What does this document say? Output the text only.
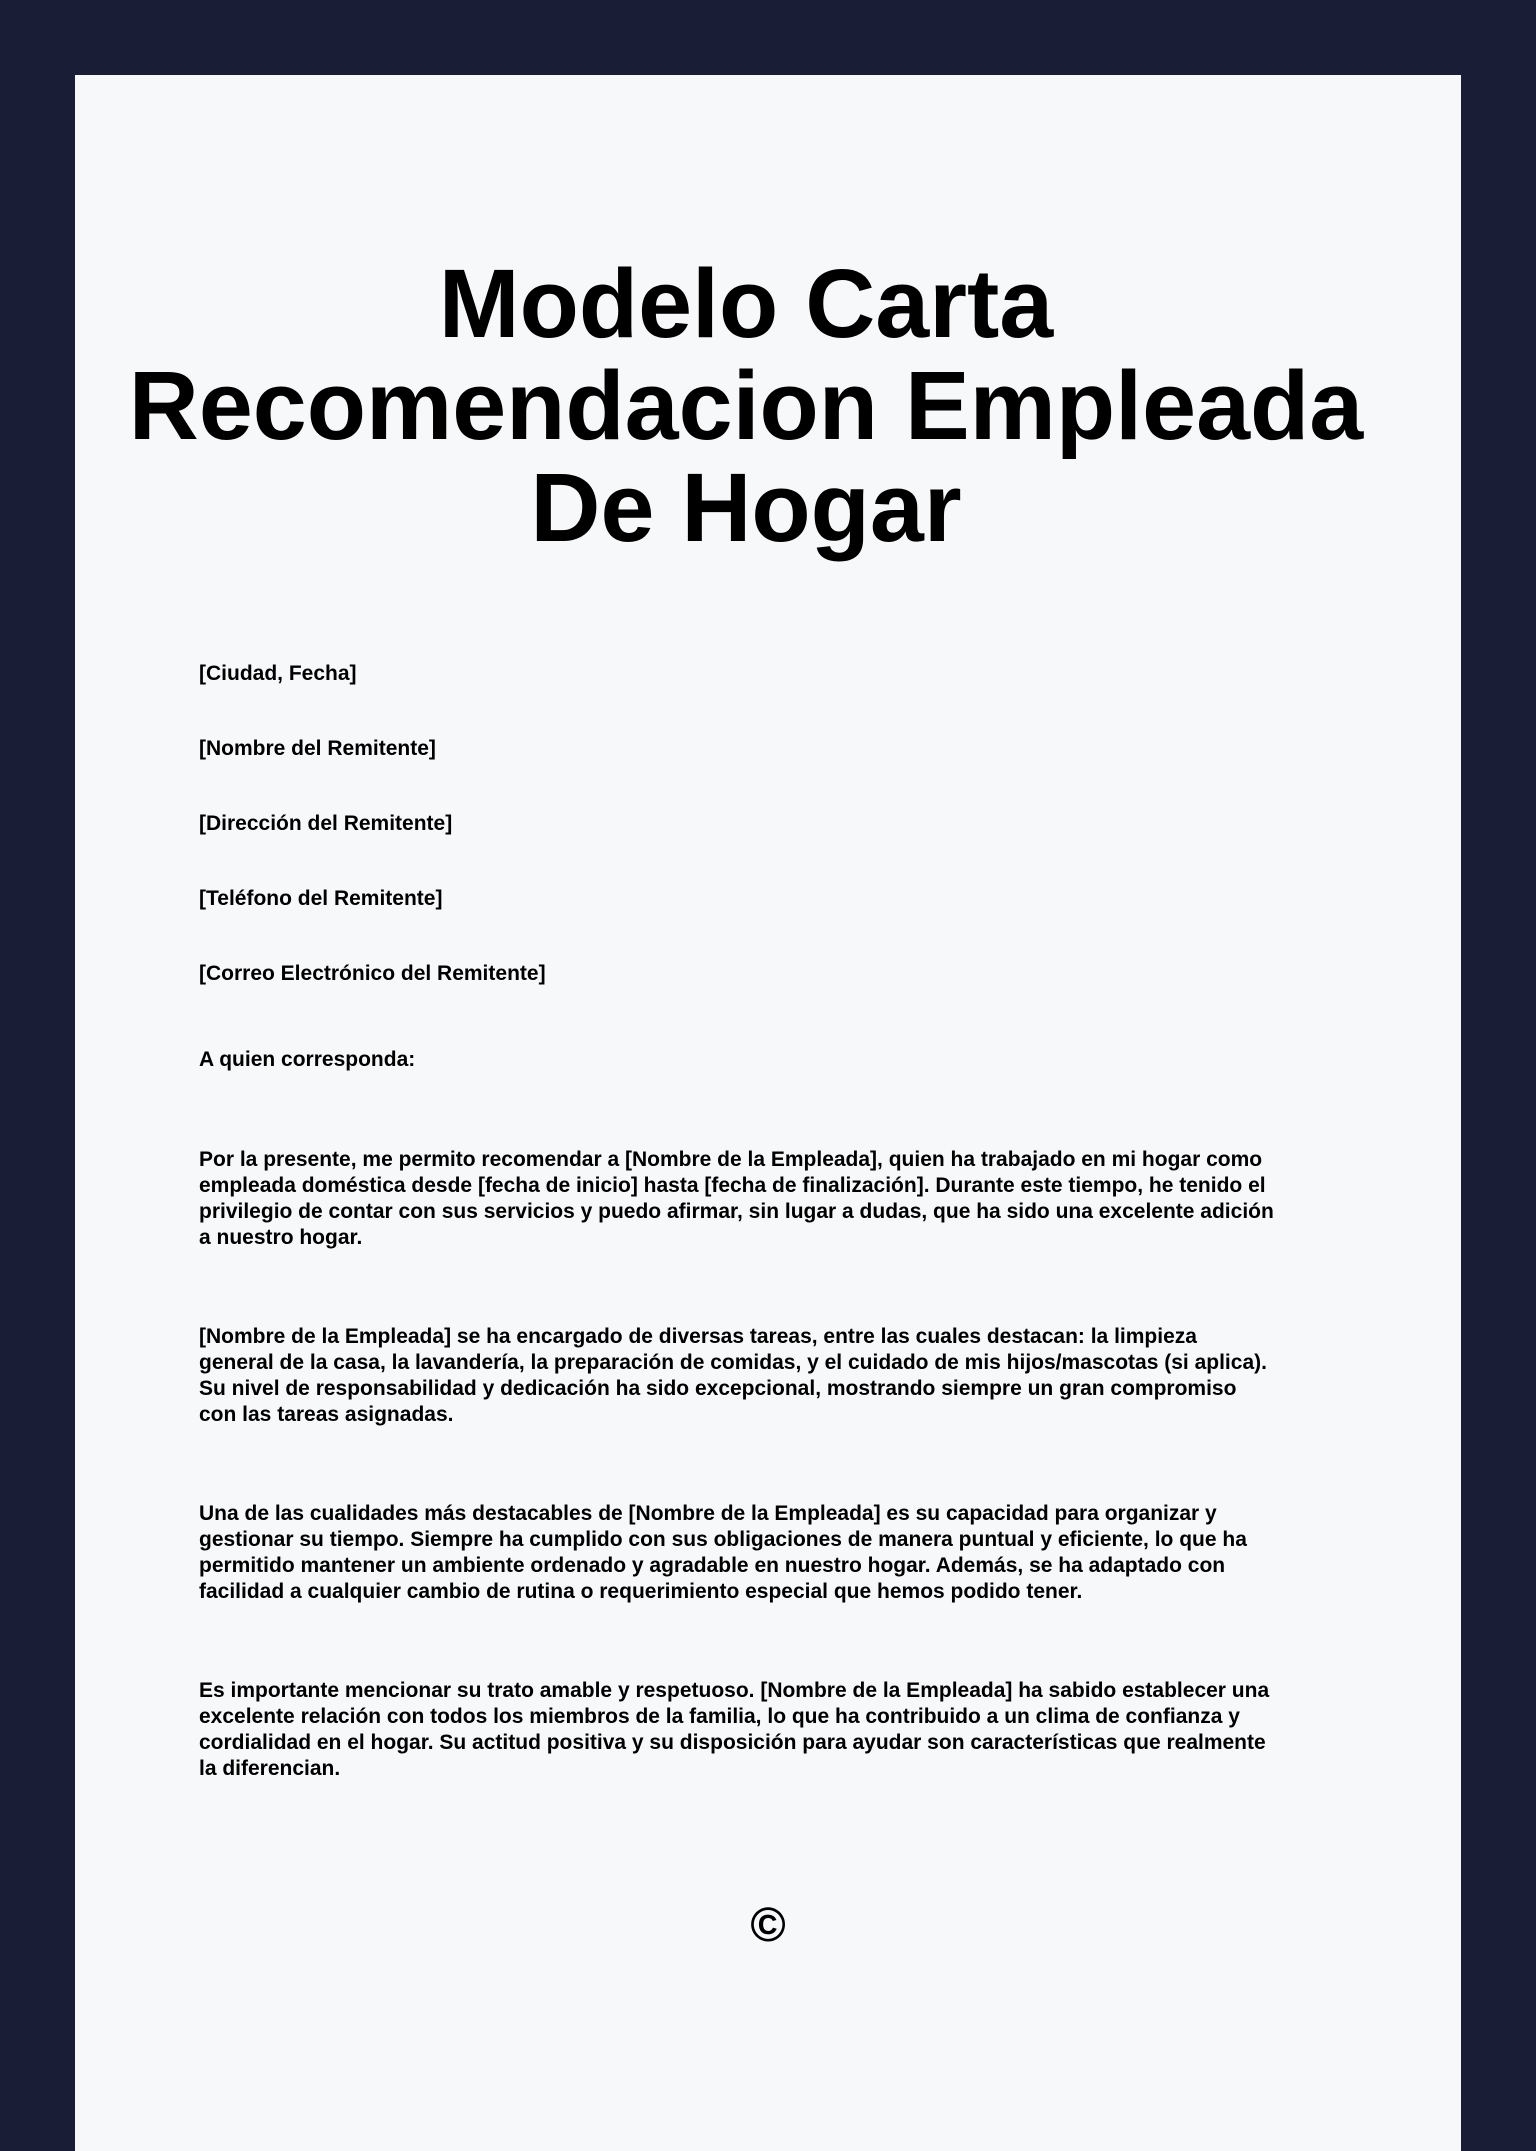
Modelo Carta Recomendacion Empleada De Hogar

[Ciudad, Fecha]

[Nombre del Remitente]

[Dirección del Remitente]

[Teléfono del Remitente]

[Correo Electrónico del Remitente]

A quien corresponda:

Por la presente, me permito recomendar a [Nombre de la Empleada], quien ha trabajado en mi hogar como empleada doméstica desde [fecha de inicio] hasta [fecha de finalización]. Durante este tiempo, he tenido el privilegio de contar con sus servicios y puedo afirmar, sin lugar a dudas, que ha sido una excelente adición a nuestro hogar.

[Nombre de la Empleada] se ha encargado de diversas tareas, entre las cuales destacan: la limpieza general de la casa, la lavandería, la preparación de comidas, y el cuidado de mis hijos/mascotas (si aplica). Su nivel de responsabilidad y dedicación ha sido excepcional, mostrando siempre un gran compromiso con las tareas asignadas.

Una de las cualidades más destacables de [Nombre de la Empleada] es su capacidad para organizar y gestionar su tiempo. Siempre ha cumplido con sus obligaciones de manera puntual y eficiente, lo que ha permitido mantener un ambiente ordenado y agradable en nuestro hogar. Además, se ha adaptado con facilidad a cualquier cambio de rutina o requerimiento especial que hemos podido tener.

Es importante mencionar su trato amable y respetuoso. [Nombre de la Empleada] ha sabido establecer una excelente relación con todos los miembros de la familia, lo que ha contribuido a un clima de confianza y cordialidad en el hogar. Su actitud positiva y su disposición para ayudar son características que realmente la diferencian.

©
